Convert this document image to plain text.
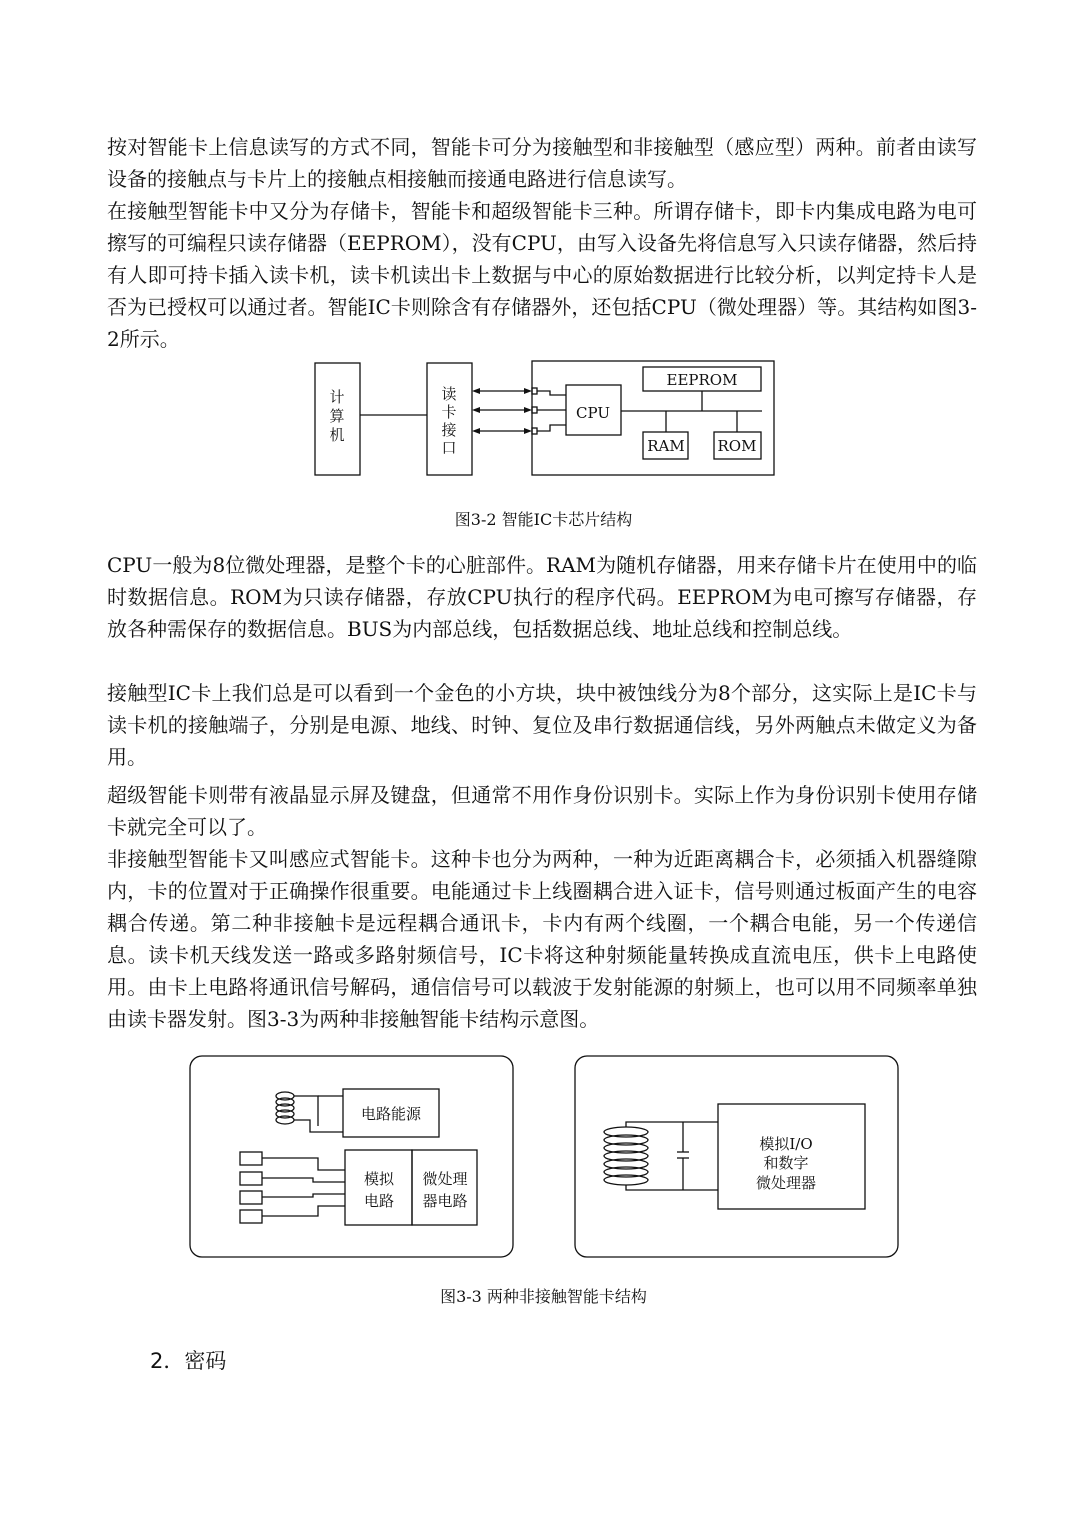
按对智能卡上信息读写的方式不同，智能卡可分为接触型和非接触型（感应型）两种。前者由读写设备的接触点与卡片上的接触点相接触而接通电路进行信息读写。

在接触型智能卡中又分为存储卡，智能卡和超级智能卡三种。所谓存储卡，即卡内集成电路为电可擦写的可编程只读存储器（EEPROM），没有CPU，由写入设备先将信息写入只读存储器，然后持有人即可持卡插入读卡机，读卡机读出卡上数据与中心的原始数据进行比较分析，以判定持卡人是否为已授权可以通过者。智能IC卡则除含有存储器外，还包括CPU（微处理器）等。其结构如图3-2所示。

计
算
机
读
卡
接
口
CPU
EEPROM
RAM ROM
图3-2 智能IC卡芯片结构

CPU一般为8位微处理器，是整个卡的心脏部件。RAM为随机存储器，用来存储卡片在使用中的临时数据信息。ROM为只读存储器，存放CPU执行的程序代码。EEPROM为电可擦写存储器，存放各种需保存的数据信息。BUS为内部总线，包括数据总线、地址总线和控制总线。

接触型IC卡上我们总是可以看到一个金色的小方块，块中被蚀线分为8个部分，这实际上是IC卡与读卡机的接触端子，分别是电源、地线、时钟、复位及串行数据通信线，另外两触点未做定义为备用。

超级智能卡则带有液晶显示屏及键盘，但通常不用作身份识别卡。实际上作为身份识别卡使用存储卡就完全可以了。

非接触型智能卡又叫感应式智能卡。这种卡也分为两种，一种为近距离耦合卡，必须插入机器缝隙内，卡的位置对于正确操作很重要。电能通过卡上线圈耦合进入证卡，信号则通过板面产生的电容耦合传递。第二种非接触卡是远程耦合通讯卡，卡内有两个线圈，一个耦合电能，另一个传递信息。读卡机天线发送一路或多路射频信号，IC卡将这种射频能量转换成直流电压，供卡上电路使用。由卡上电路将通讯信号解码，通信信号可以载波于发射能源的射频上，也可以用不同频率单独由读卡器发射。图3-3为两种非接触智能卡结构示意图。

电路能源
模拟
电路
微处理
器电路
模拟I/O
和数字
微处理器
图3-3 两种非接触智能卡结构
2．密码
